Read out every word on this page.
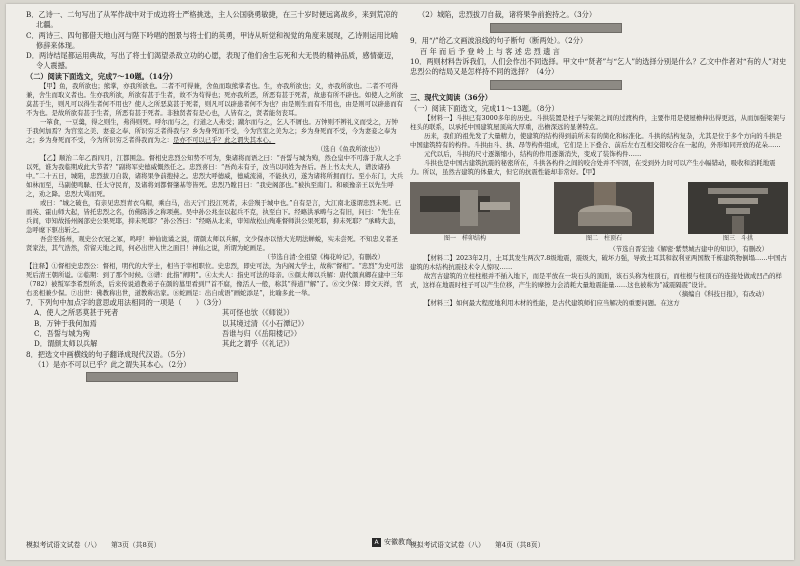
B．乙诗一、二句写出了从军作战中对于成边将士严格挑选，主人公国骁勇敏捷，在三十岁时便远离战乡，来到荒凉的北疆。

C．两诗三、四句都借天地山河与陛下吟唱的图景与将士们的英勇，甲诗从听觉和视觉的角度来展现，乙诗则运用比喻修辞来体现。

D．两诗结尾都运用典故，写出了将士们渴望杀敌立功的心愿，表现了他们舍生忘死和大无畏的精神品质，感情豪迈，令人震撼。

（二）阅读下面选文，完成7～10题。（14分）

【甲】鱼，我所欲也；熊掌，亦我所欲也。二者不可得兼，舍鱼而取熊掌者也。生，亦我所欲也；义，亦我所欲也。二者不可得兼，舍生而取义者也。生亦我所欲，所欲有甚于生者，故不为苟得也；死亦我所恶，所恶有甚于死者，故患有所不辟也。如使人之所欲莫甚于生，则凡可以得生者何不用也？使人之所恶莫甚于死者，则凡可以辟患者何不为也？由是则生而有不用也，由是则可以辟患而有不为也。是故所欲有甚于生者，所恶有甚于死者。非独贤者有是心也，人皆有之，贤者能勿丧耳。

一箪食，一豆羹，得之则生，弗得则死。呼尔而与之，行道之人弗受；蹴尔而与之，乞人不屑也。万钟则不辨礼义而受之，万钟于我何加焉？为宫室之美、妻妾之奉、所识穷乏者得我与？乡为身死而不受，今为宫室之美为之；乡为身死而不受，今为妻妾之奉为之；乡为身死而不受，今为所识穷乏者得我而为之：是亦不可以已乎？此之谓失其本心。

（选自《鱼我所欲也》）

【乙】顺治二年乙酉四月，江都围急。督相史忠烈公知势不可为，集诸将而语之曰：“吾誓与城为殉，然仓皇中不可落于敌人之手以死，谁为我临期成此大节者？”副将军史德威慨然任之。忠烈喜曰：“吾尚未有子，汝当以同姓为吾后。吾上书太夫人，谱汝诸孙中。”二十五日，城陷，忠烈拔刀自裁，诸将果争前抱持之。忠烈大呼德威，德威流涕，不能执刃，遂为诸将所拥而行。至小东门，大兵如林而至，马副使鸣騄、任太守民育，及诸将刘都督肇基等皆死。忠烈乃瞠目曰：“我史阁部也。”被执至南门。和硕豫亲王以先生呼之，劝之降。忠烈大骂而死。

或曰：“城之破也，有亲见忠烈青衣乌帽，乘白马，出天宁门投江死者，未尝殒于城中也。”自有是言，大江南北遂谓忠烈未死。已而英、霍山师大起，皆托忠烈之名，仿佛陈涉之称项燕。吴中孙公兆奎以起兵不克，执至白下。经略洪承畴与之有旧，问曰：“先生在兵间，审知故扬州阁部史公果死耶，抑未死耶？”孙公答曰：“经略从北来，审知故松山殉难督师洪公果死耶，抑未死耶？”承畴大恚，急呼麾下驱出斩之。

吾尝至扬州，观史公衣冠之冢，鸣呼！神仙诡谲之说，谓颜太师以兵解，文少保亦以悟大光明法蝉蜕，实未尝死。不知忠义者圣贤家法，其气浩然，常留天地之间，何必出世入世之面目！神仙之说，所谓为蛇画足。

（节选自清·全祖望《梅花岭记》，有删改）

【注释】①督相史忠烈公：督相，明代的大学士，相当于宰相职位。史忠烈，即史可法，为内阁大学士，故称“督相”。“忠烈”为史可法死后清王朝所谥。②临期：到了那个时候。③谱：此指“阐明”。④太夫人：指史可法的母亲。⑤颜太师以兵解：唐代颜真卿在建中三年（782）被叛军李希烈所杀，后来传说道教弟子在颜的墓里看到尸首不腐，像活人一般，称其“得道尸解”了。⑥文少保：即文天祥，官右丞相兼少保。⑦出世：佛教称出世，道教称出家。⑧蛇画足：出自成语“画蛇添足”，比喻多此一举。

7．下列句中加点字的意思或用法相同的一项是（　　）（3分）

A．使人之所恶莫甚于死者	其可怪也欤（《师说》）
B．万钟于我何加焉	以其境过清（《小石潭记》）
C．吾誓与城为殉	吾谁与归（《岳阳楼记》）
D．谓颜太师以兵解	其此之谓乎（《礼记》）

8．把选文中画横线的句子翻译成现代汉语。（5分）

（1）是亦不可以已乎？此之谓失其本心。（2分）

（2）城陷，忠烈拔刀自裁，诸将果争前抱持之。（3分）

9．用“/”给乙文画波浪线的句子断句（断两处）。（2分）

百 年 而 后 予 登 岭 上 与 客 述 忠 烈 遗 言

10．两则材料告诉我们，人们会作出不同选择。甲文中“贤者”与“乞人”的选择分别是什么？乙文中作者对“有的人”对史忠烈公的结局又是怎样持不同的选择？（4分）

三、现代文阅读（36分）

（一）阅读下面选文，完成11～13题。（8分）

【材料一】斗拱已有3000多年的历史。斗拱装置是柱子与梁架之间的过渡构件，主要作用是使屋檐伸出得更远，从而加强梁架与柱头的联系，以承托中国建筑屋顶高大厚重，出檐深远的显著特点。

历来，我们的祖先发了大量精力，使建筑的结构得到前所未有的简化和标准化。斗拱的结构复杂，尤其是位于多个方向的斗拱是中国建筑特有的构件。斗拱由斗、拱、昂等构件组成，它们是上下叠合、前后左右互相交错咬合在一起的，外形如同开放的花朵……

元代以后，斗拱的尺寸逐渐缩小，结构的作用逐渐消失，变成了装饰构件……

斗拱也是中国古建筑抗震的秘密所在，斗拱各构件之间的咬合处并不牢固，在受到外力时可以产生小幅错动，吸收和消耗地震力。所以，虽然古建筑的体量大，但它的抗震性能却非常好。【甲】

图一　样卯结构	图二　柱顶石	图三　斗拱

（节选自晋宏逵《解密·紫禁城古建中的知识》，有删改）

【材料二】2023年2月，土耳其发生两次7.8级地震，震级大，破坏力强，导致土耳其和叙利亚两国数千栋建筑物倒塌……中国古建筑的木结构抗震技术令人惊叹……

故宫古建筑的立柱柱根并不插入地下，而是平放在一块石头的顶面，该石头称为柱顶石，而柱根与柱顶石的连接处做成凹凸的样式，这样在地震时柱子可以产生位移，产生的摩擦力会消耗大量地震能量……这也被称为“减震隔震”设计。

（摘编自《科技日报》，有改动）

【材料三】如何最大程度地利用木材的性能，是古代建筑师们应当解决的重要问题。在这方

模拟考试语文试卷（八）　　第3页（共8页）	A 安徽教育
模拟考试语文试卷（八）　　第4页（共8页）
